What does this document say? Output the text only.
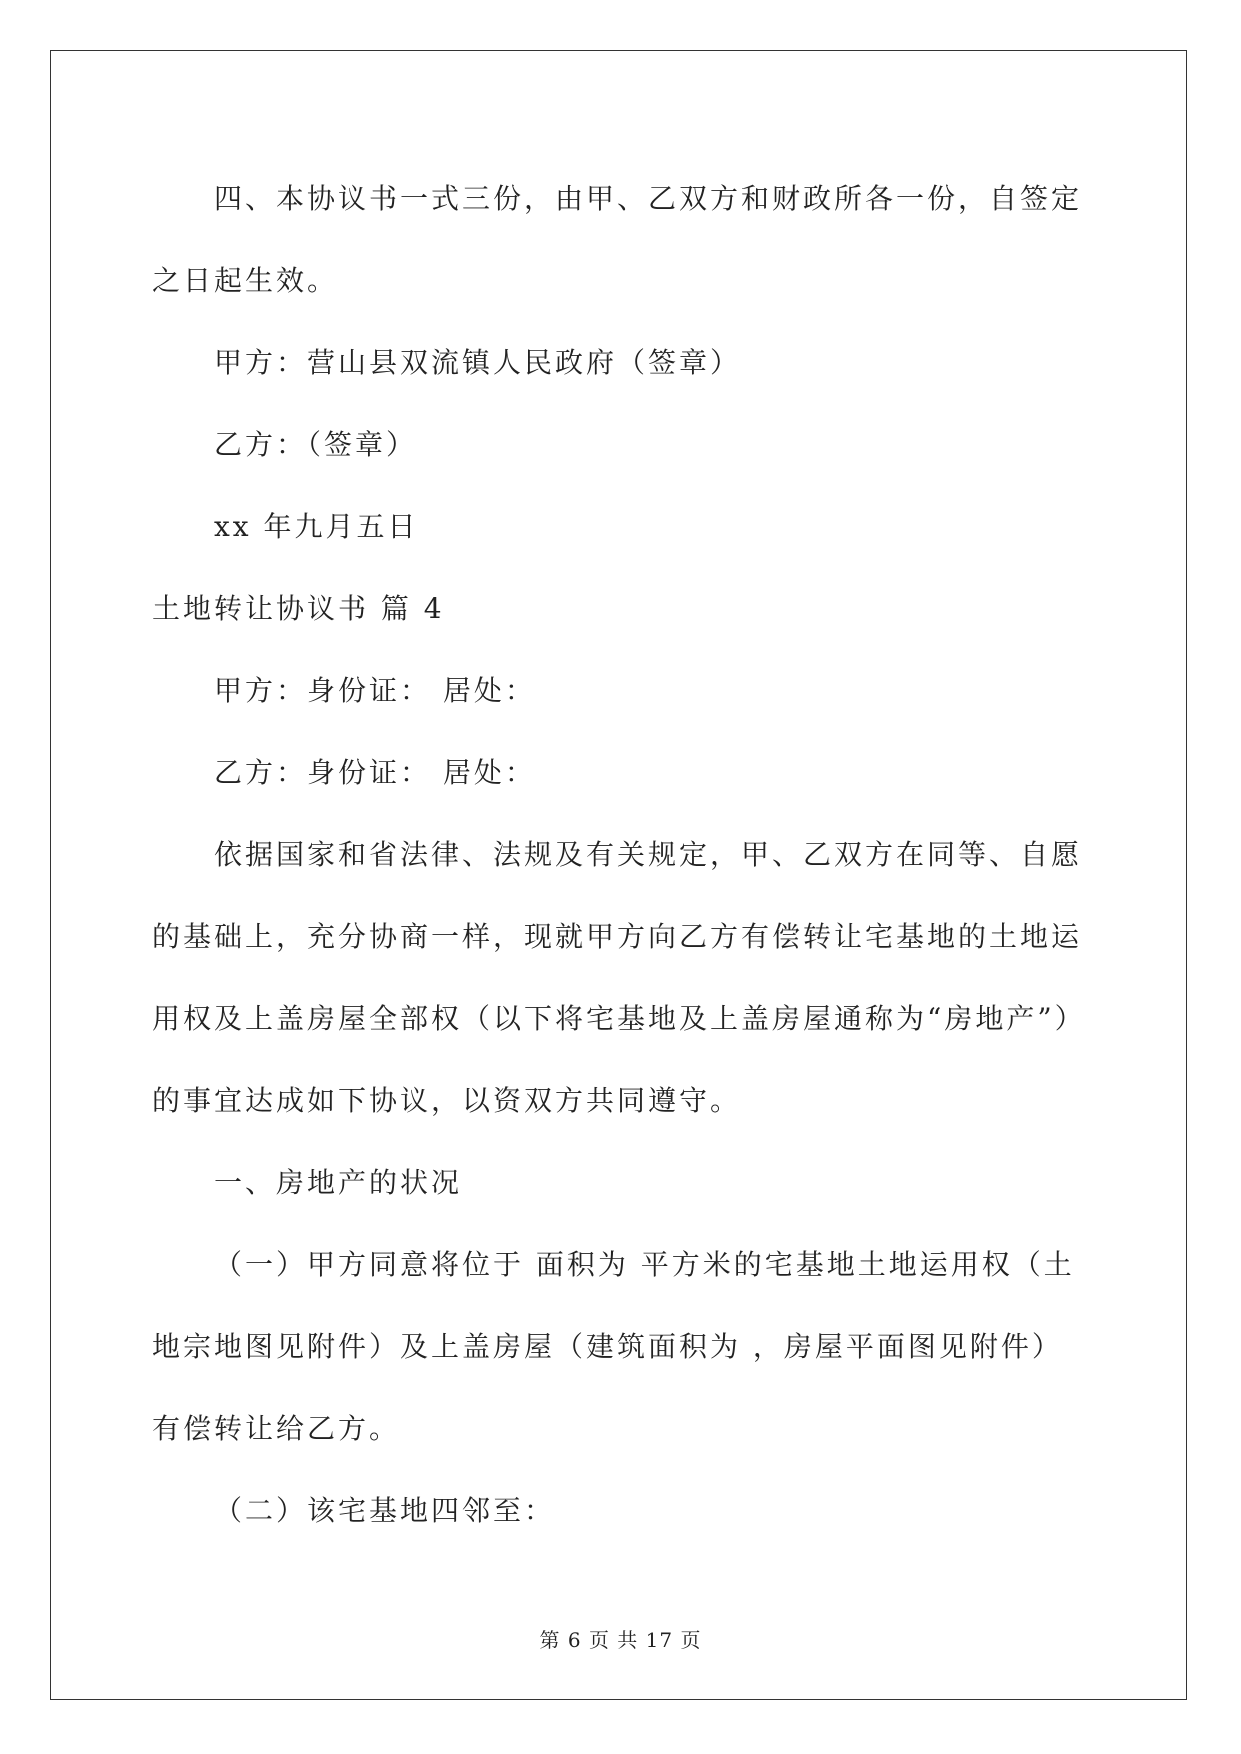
四、本协议书一式三份，由甲、乙双方和财政所各一份，自签定

之日起生效。

甲方：营山县双流镇人民政府（签章）

乙方：（签章）

xx 年九月五日

土地转让协议书 篇 4

甲方：身份证： 居处：

乙方：身份证： 居处：

依据国家和省法律、法规及有关规定，甲、乙双方在同等、自愿

的基础上，充分协商一样，现就甲方向乙方有偿转让宅基地的土地运

用权及上盖房屋全部权（以下将宅基地及上盖房屋通称为“房地产”）

的事宜达成如下协议，以资双方共同遵守。

一、房地产的状况

（一）甲方同意将位于 面积为 平方米的宅基地土地运用权（土

地宗地图见附件）及上盖房屋（建筑面积为 ，房屋平面图见附件）

有偿转让给乙方。

（二）该宅基地四邻至：

第 6 页 共 17 页
